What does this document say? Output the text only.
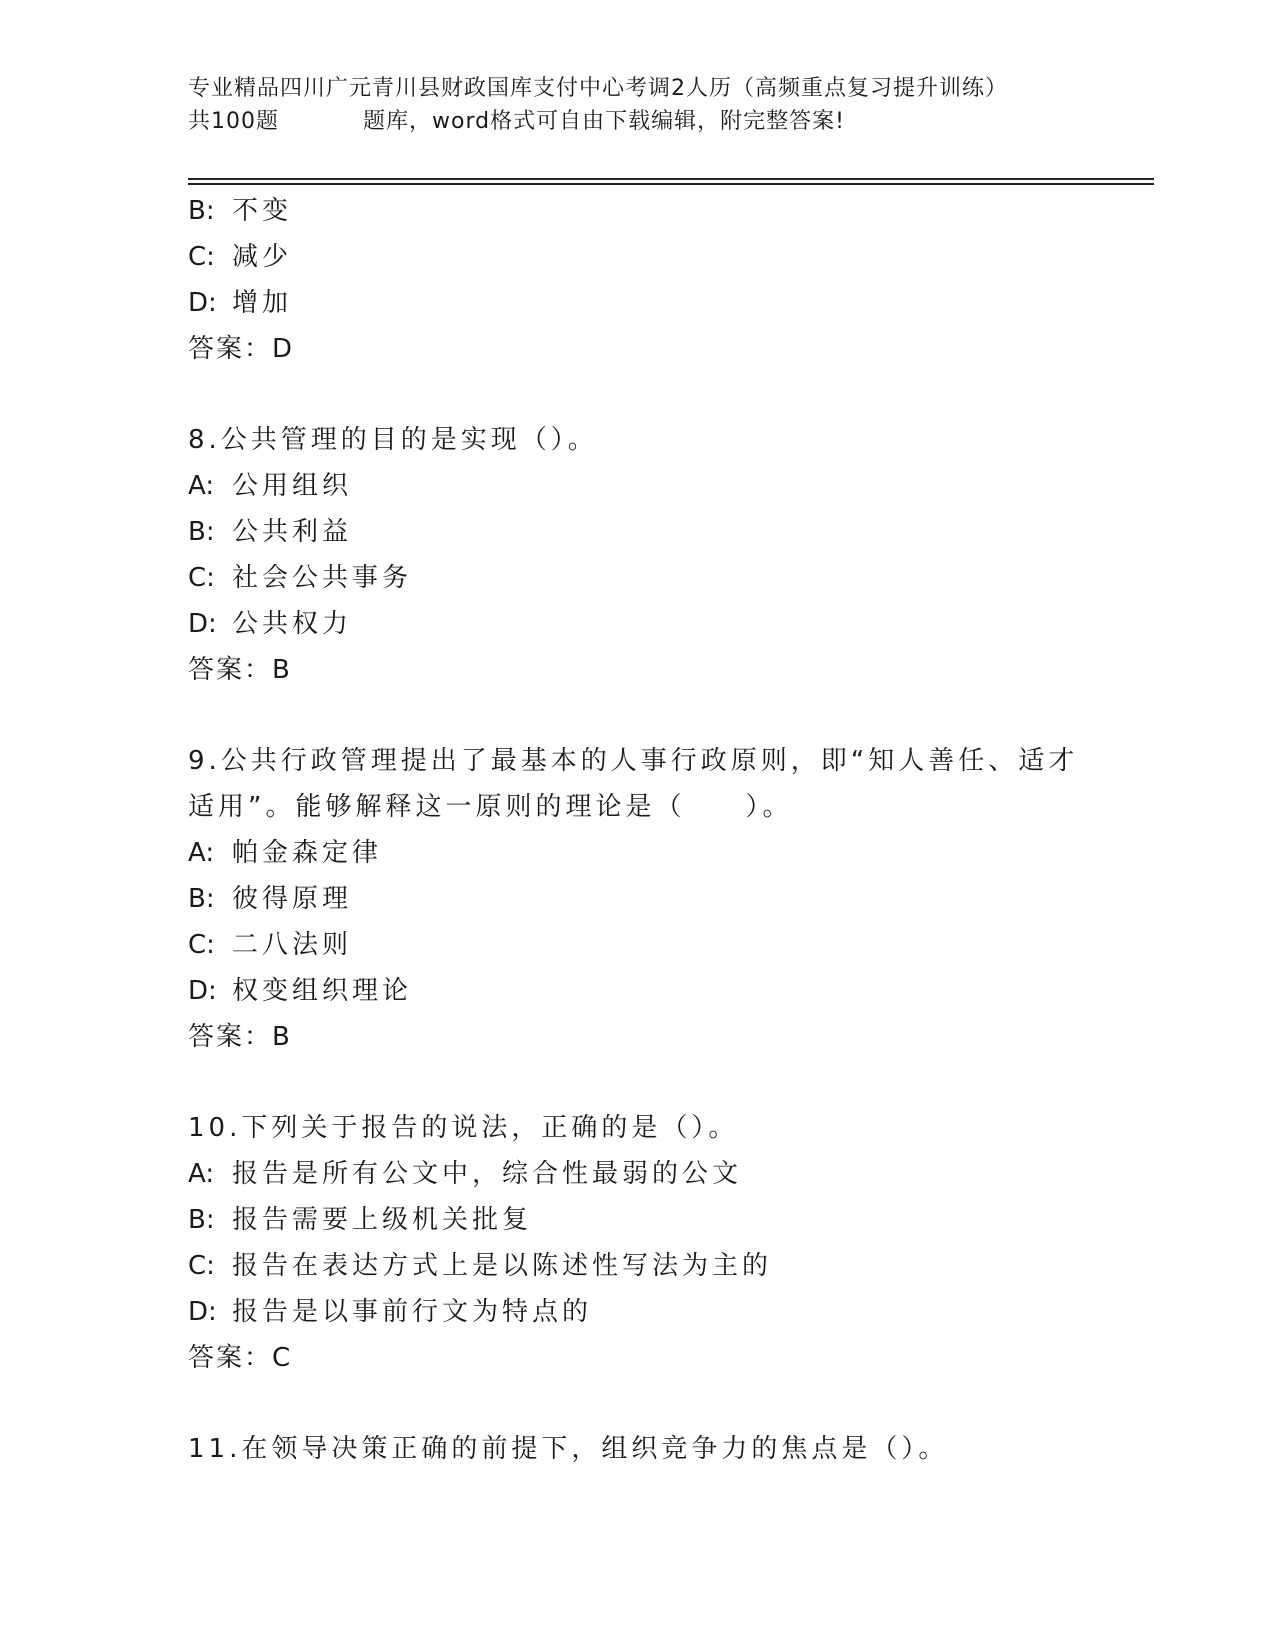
专业精品四川广元青川县财政国库支付中心考调2人历（高频重点复习提升训练）
共100题	题库，word格式可自由下载编辑，附完整答案!
B: 不变
C: 减少
D: 增加
答案：D
8.公共管理的目的是实现（）。
A: 公用组织
B: 公共利益
C: 社会公共事务
D: 公共权力
答案：B
9.公共行政管理提出了最基本的人事行政原则，即“知人善任、适才
适用”。能够解释这一原则的理论是（　　）。
A: 帕金森定律
B: 彼得原理
C: 二八法则
D: 权变组织理论
答案：B
10.下列关于报告的说法，正确的是（）。
A: 报告是所有公文中，综合性最弱的公文
B: 报告需要上级机关批复
C: 报告在表达方式上是以陈述性写法为主的
D: 报告是以事前行文为特点的
答案：C
11.在领导决策正确的前提下，组织竞争力的焦点是（）。
